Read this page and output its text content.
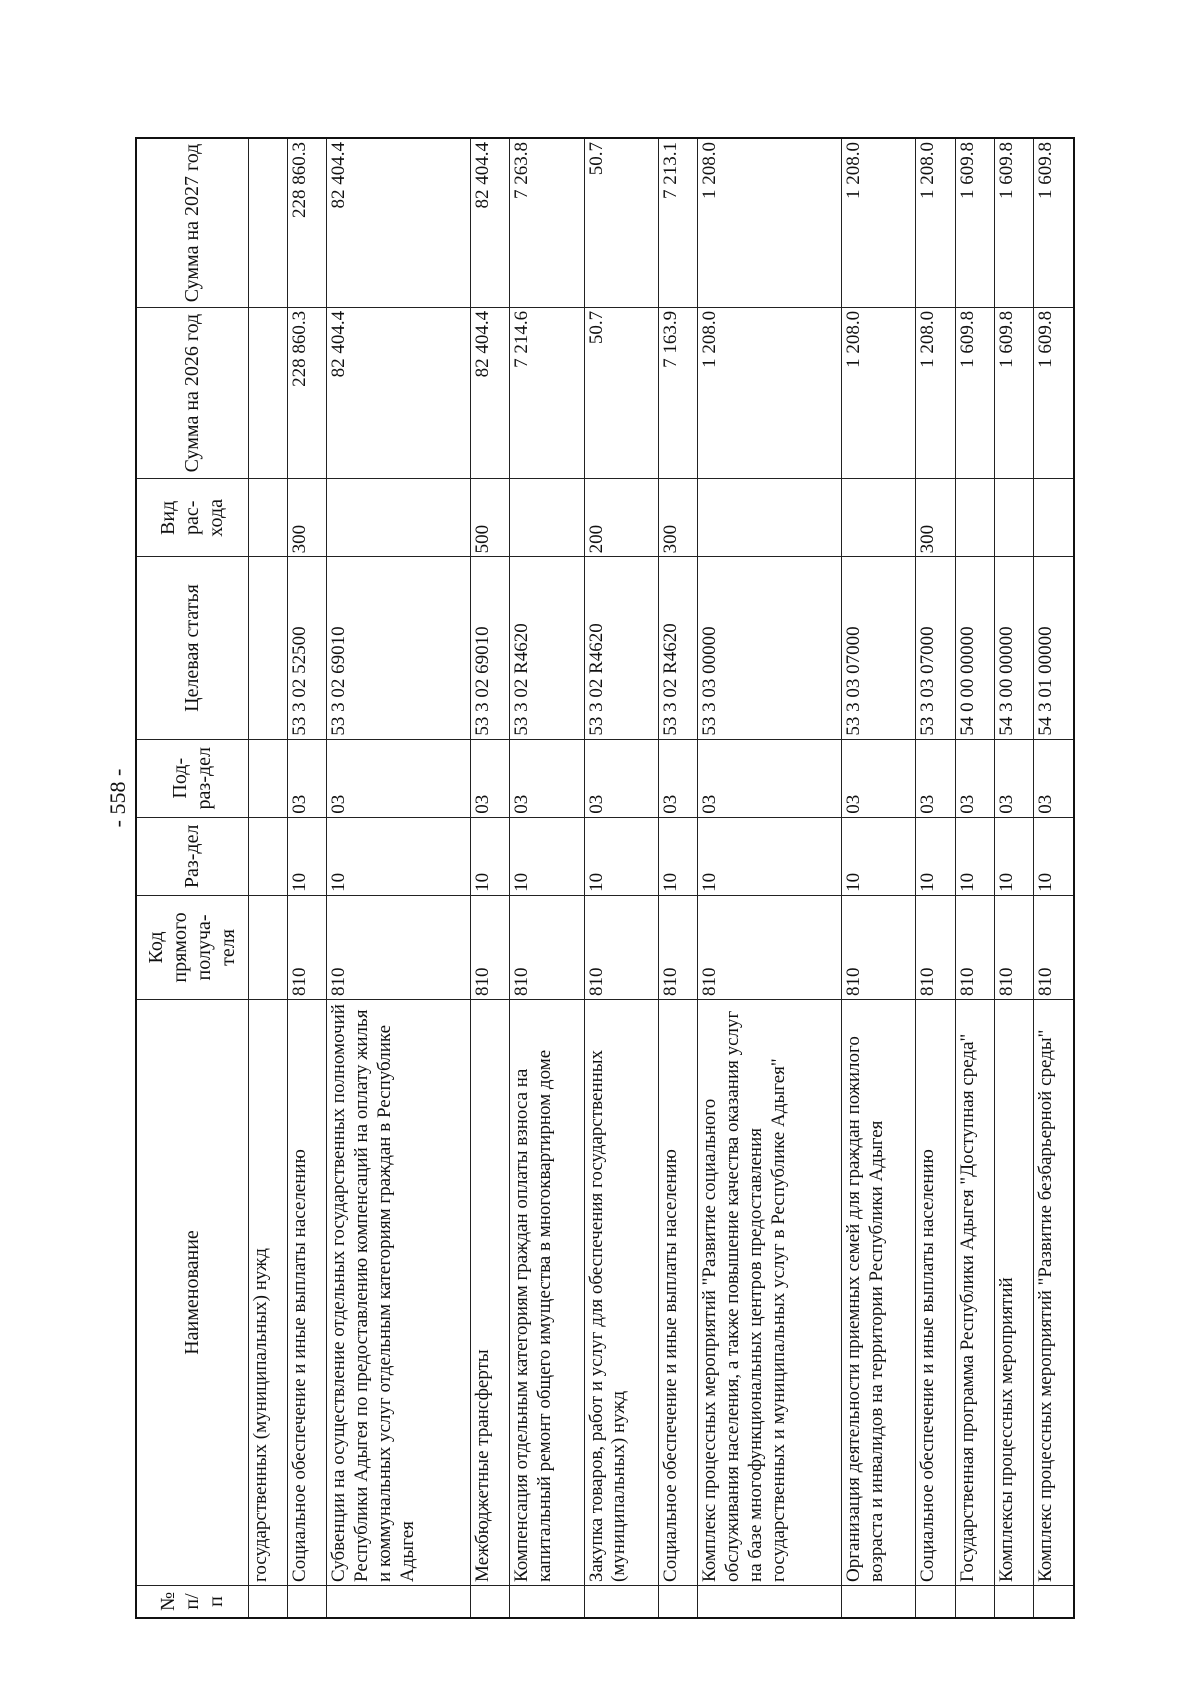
- 558 -
№ п/п	Наименование	Код прямого получа-теля	Раз-дел	Под-раз-дел	Целевая статья	Вид рас-хода	Сумма на 2026 год	Сумма на 2027 год
	государственных (муниципальных) нужд							
	Социальное обеспечение и иные выплаты населению	810	10	03	53 3 02 52500	300	228 860.3	228 860.3
	Субвенции на осуществление отдельных государственных полномочий Республики Адыгея по предоставлению компенсаций на оплату жилья и коммунальных услуг отдельным категориям граждан в Республике Адыгея	810	10	03	53 3 02 69010		82 404.4	82 404.4
	Межбюджетные трансферты	810	10	03	53 3 02 69010	500	82 404.4	82 404.4
	Компенсация отдельным категориям граждан оплаты взноса на капитальный ремонт общего имущества в многоквартирном доме	810	10	03	53 3 02 R4620		7 214.6	7 263.8
	Закупка товаров, работ и услуг для обеспечения государственных (муниципальных) нужд	810	10	03	53 3 02 R4620	200	50.7	50.7
	Социальное обеспечение и иные выплаты населению	810	10	03	53 3 02 R4620	300	7 163.9	7 213.1
	Комплекс процессных мероприятий "Развитие социального обслуживания населения, а также повышение качества оказания услуг на базе многофункциональных центров предоставления государственных и муниципальных услуг в Республике Адыгея"	810	10	03	53 3 03 00000		1 208.0	1 208.0
	Организация деятельности приемных семей для граждан пожилого возраста и инвалидов на территории Республики Адыгея	810	10	03	53 3 03 07000		1 208.0	1 208.0
	Социальное обеспечение и иные выплаты населению	810	10	03	53 3 03 07000	300	1 208.0	1 208.0
	Государственная программа Республики Адыгея "Доступная среда"	810	10	03	54 0 00 00000		1 609.8	1 609.8
	Комплексы процессных мероприятий	810	10	03	54 3 00 00000		1 609.8	1 609.8
	Комплекс процессных мероприятий "Развитие безбарьерной среды"	810	10	03	54 3 01 00000		1 609.8	1 609.8
